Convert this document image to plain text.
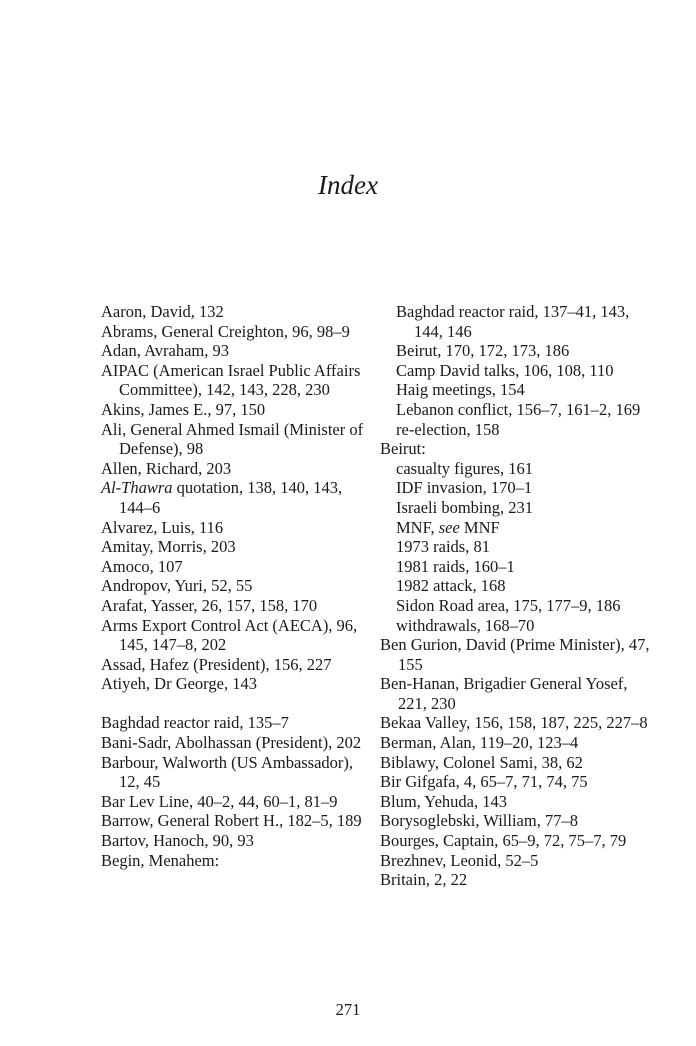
Index
Aaron, David, 132
Abrams, General Creighton, 96, 98–9
Adan, Avraham, 93
AIPAC (American Israel Public Affairs Committee), 142, 143, 228, 230
Akins, James E., 97, 150
Ali, General Ahmed Ismail (Minister of Defense), 98
Allen, Richard, 203
Al-Thawra quotation, 138, 140, 143, 144–6
Alvarez, Luis, 116
Amitay, Morris, 203
Amoco, 107
Andropov, Yuri, 52, 55
Arafat, Yasser, 26, 157, 158, 170
Arms Export Control Act (AECA), 96, 145, 147–8, 202
Assad, Hafez (President), 156, 227
Atiyeh, Dr George, 143
Baghdad reactor raid, 135–7
Bani-Sadr, Abolhassan (President), 202
Barbour, Walworth (US Ambassador), 12, 45
Bar Lev Line, 40–2, 44, 60–1, 81–9
Barrow, General Robert H., 182–5, 189
Bartov, Hanoch, 90, 93
Begin, Menahem:
Baghdad reactor raid, 137–41, 143, 144, 146
Beirut, 170, 172, 173, 186
Camp David talks, 106, 108, 110
Haig meetings, 154
Lebanon conflict, 156–7, 161–2, 169
re-election, 158
Beirut:
casualty figures, 161
IDF invasion, 170–1
Israeli bombing, 231
MNF, see MNF
1973 raids, 81
1981 raids, 160–1
1982 attack, 168
Sidon Road area, 175, 177–9, 186
withdrawals, 168–70
Ben Gurion, David (Prime Minister), 47, 155
Ben-Hanan, Brigadier General Yosef, 221, 230
Bekaa Valley, 156, 158, 187, 225, 227–8
Berman, Alan, 119–20, 123–4
Biblawy, Colonel Sami, 38, 62
Bir Gifgafa, 4, 65–7, 71, 74, 75
Blum, Yehuda, 143
Borysoglebski, William, 77–8
Bourges, Captain, 65–9, 72, 75–7, 79
Brezhnev, Leonid, 52–5
Britain, 2, 22
271
